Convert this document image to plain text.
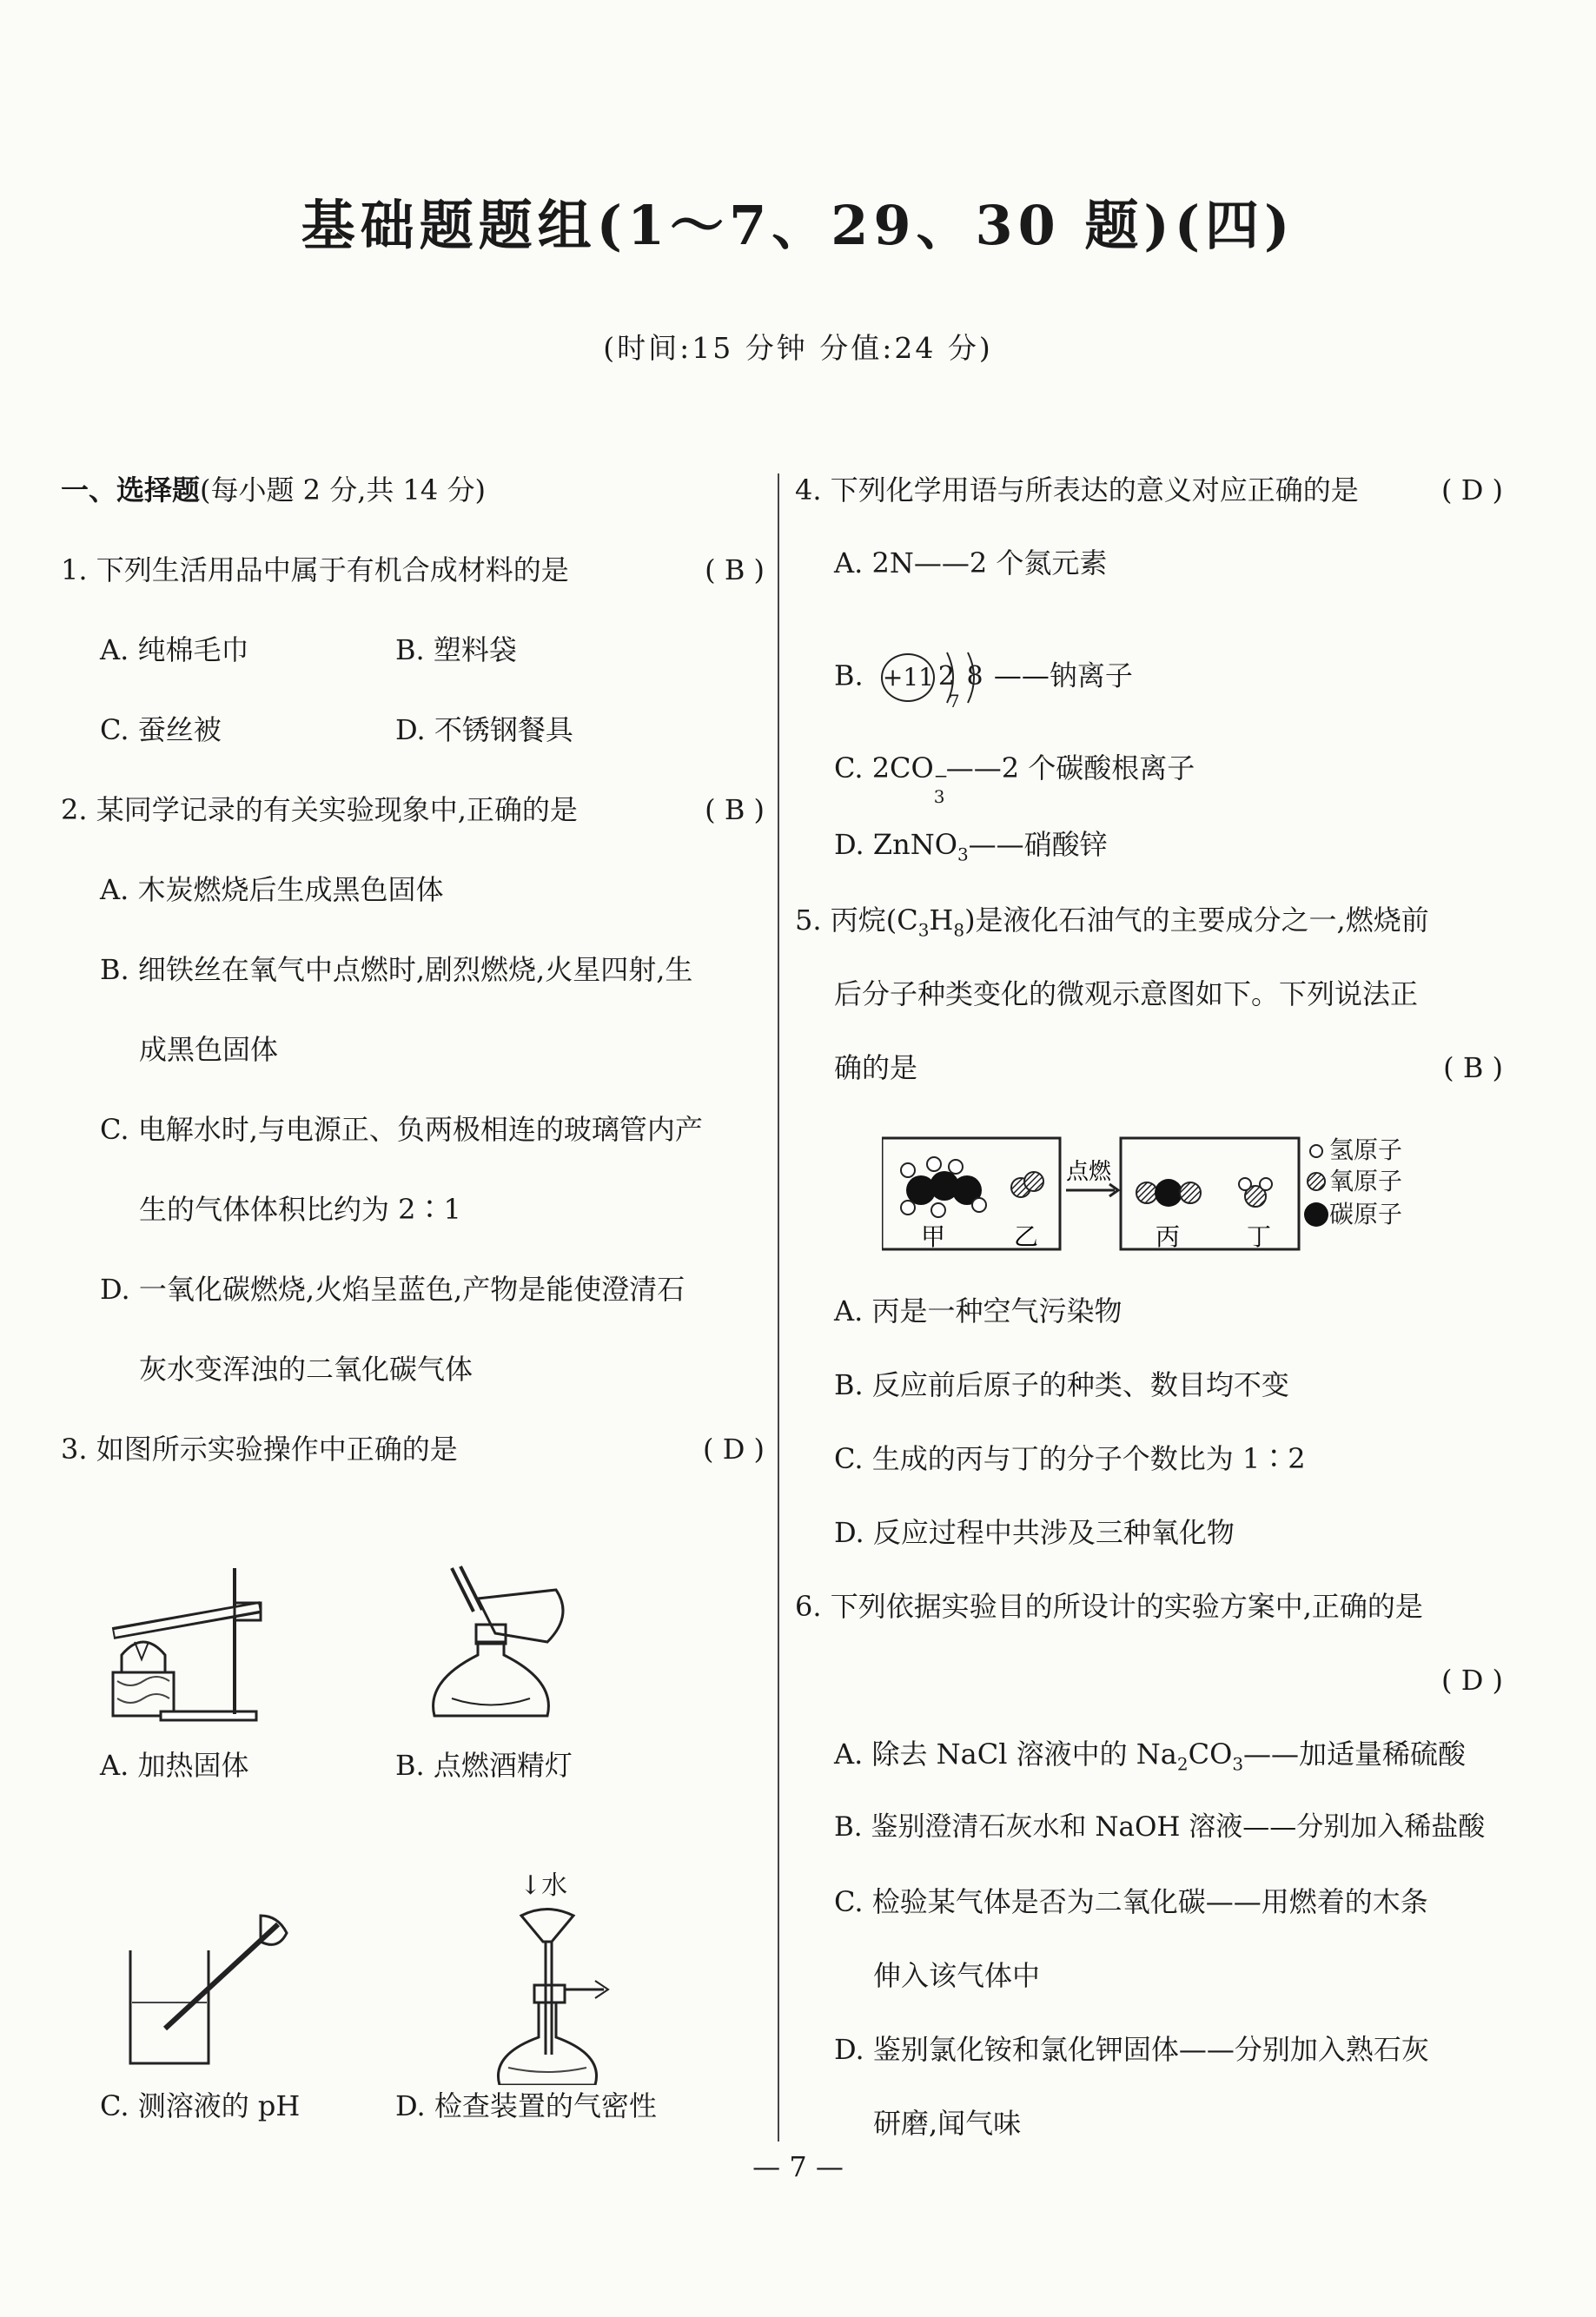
基础题题组(1～7、29、30 题)(四)
(时间:15 分钟 分值:24 分)
一、选择题(每小题 2 分,共 14 分)
1. 下列生活用品中属于有机合成材料的是	( B )
A. 纯棉毛巾	B. 塑料袋
C. 蚕丝被	D. 不锈钢餐具
2. 某同学记录的有关实验现象中,正确的是	( B )
A. 木炭燃烧后生成黑色固体
B. 细铁丝在氧气中点燃时,剧烈燃烧,火星四射,生
成黑色固体
C. 电解水时,与电源正、负两极相连的玻璃管内产
生的气体体积比约为 2∶1
D. 一氧化碳燃烧,火焰呈蓝色,产物是能使澄清石
灰水变浑浊的二氧化碳气体
3. 如图所示实验操作中正确的是	( D )
A. 加热固体	B. 点燃酒精灯
C. 测溶液的 pH
↓水
D. 检查装置的气密性
4. 下列化学用语与所表达的意义对应正确的是	( D )
A. 2N——2 个氮元素
B. +11 2 8
7
——钠离子
C. 2CO −
3
——2 个碳酸根离子
D. ZnNO$_3$——硝酸锌
5. 丙烷$(C_3H_8)$是液化石油气的主要成分之一,燃烧前
后分子种类变化的微观示意图如下。下列说法正
确的是	( B )
甲	乙
点燃
丙	丁
氢原子
氧原子
碳原子
A. 丙是一种空气污染物
B. 反应前后原子的种类、数目均不变
C. 生成的丙与丁的分子个数比为 1∶2
D. 反应过程中共涉及三种氧化物
6. 下列依据实验目的所设计的实验方案中,正确的是
( D )
A. 除去 NaCl 溶液中的 $Na_2CO_3——$加适量稀硫酸
B. 鉴别澄清石灰水和 NaOH 溶液——分别加入稀盐酸
C. 检验某气体是否为二氧化碳——用燃着的木条
伸入该气体中
D. 鉴别氯化铵和氯化钾固体——分别加入熟石灰
研磨,闻气味
— 7 —
